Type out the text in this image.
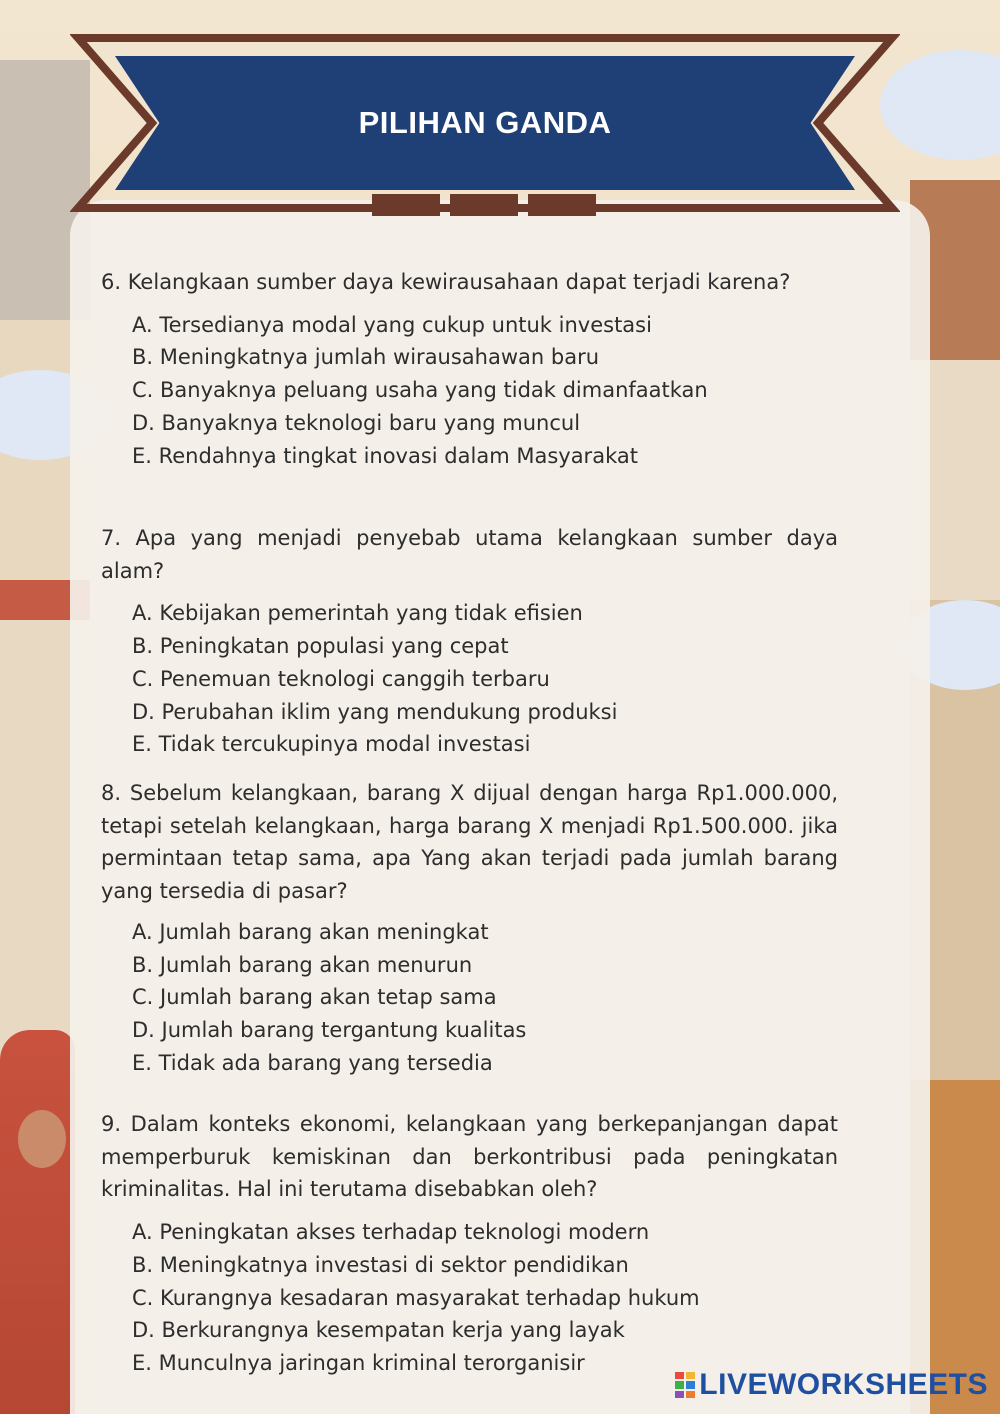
PILIHAN GANDA

6. Kelangkaan sumber daya kewirausahaan dapat terjadi karena?

A. Tersedianya modal yang cukup untuk investasi
B. Meningkatnya jumlah wirausahawan baru
C. Banyaknya peluang usaha yang tidak dimanfaatkan
D. Banyaknya teknologi baru yang muncul
E. Rendahnya tingkat inovasi dalam Masyarakat

7. Apa yang menjadi penyebab utama kelangkaan sumber daya alam?

A. Kebijakan pemerintah yang tidak efisien
B. Peningkatan populasi yang cepat
C. Penemuan teknologi canggih terbaru
D. Perubahan iklim yang mendukung produksi
E. Tidak tercukupinya modal investasi

8. Sebelum kelangkaan, barang X dijual dengan harga Rp1.000.000, tetapi setelah kelangkaan, harga barang X menjadi Rp1.500.000. jika permintaan tetap sama, apa Yang akan terjadi pada jumlah barang yang tersedia di pasar?

A. Jumlah barang akan meningkat
B. Jumlah barang akan menurun
C. Jumlah barang akan tetap sama
D. Jumlah barang tergantung kualitas
E. Tidak ada barang yang tersedia

9. Dalam konteks ekonomi, kelangkaan yang berkepanjangan dapat memperburuk kemiskinan dan berkontribusi pada peningkatan kriminalitas. Hal ini terutama disebabkan oleh?

A. Peningkatan akses terhadap teknologi modern
B. Meningkatnya investasi di sektor pendidikan
C. Kurangnya kesadaran masyarakat terhadap hukum
D. Berkurangnya kesempatan kerja yang layak
E. Munculnya jaringan kriminal terorganisir
LIVEWORKSHEETS
